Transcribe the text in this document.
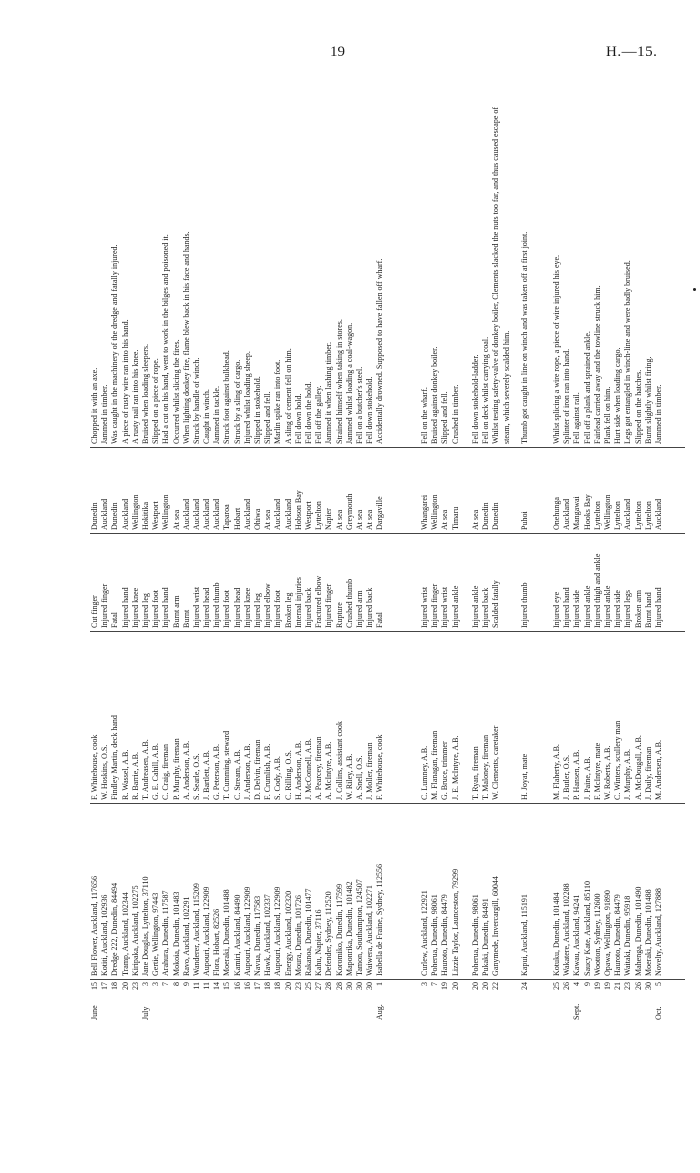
19	H.—15.
June
15
Bell Flower, Auckland, 117656
F. Whitehouse, cook
Cut finger
Dunedin
Chopped it with an axe.
17
Kotiti, Auckland, 102936
W. Hoskins, O.S.
Injured finger
Auckland
Jammed in timber.
18
Dredge 222, Dunedin, 84494
Findley Martin, deck hand
Fatal
Dunedin
Was caught in the machinery of the dredge and fatally injured.
20
Tramp, Auckland, 102344
R. Wassel, A.B.
Injured hand
Auckland
A piece of rusty wire ran into his hand.
23
Kiripaka, Auckland, 102275
R. Barrie, A.B.
Injured knee
Wellington
A rusty nail ran into his knee.
July
3
Jane Douglas, Lyttelton, 37110
T. Andreasen, A.B.
Injured leg
Hokitika
Bruised when loading sleepers.
3
Gertie, Wellington, 97443
G. E. Cahill, A.B.
Injured foot
Westport
Slipped on a piece of rope.
7
Arahura, Dunedin, 117587
C. Craig, fireman
Injured hand
Wellington
Had a cut on his hand, went to work in the bilges and poisoned it.
8
Mokoia, Dunedin, 101483
P. Murphy, fireman
Burnt arm
At sea
Occurred whilst slicing the fires.
9
Ravo, Auckland, 102291
A. Anderson, A.B.
Burnt
Auckland
When lighting donkey fire, flame blew back in his face and hands.
11
Wanderer, Auckland, 115209
S. Searle, O.S.
Injured wrist
Auckland
Struck by handle of winch.
11
Aupouri, Auckland, 122909
J. Bartlett, A.B.
Injured head
Auckland
Caught in winch.
14
Flora, Hobart, 82526
G. Peterson, A.B.
Injured thumb
Auckland
Jammed in tackle.
15
Moeraki, Dunedin, 101488
T. Cumming, steward
Injured foot
Taparoa
Struck foot against bulkhead.
16
Kamiri, Auckland, 84490
C. Stream, A.B.
Injured head
Hobart
Struck by a sling of cargo.
16
Aupouri, Auckland, 122909
J. Anderson, A.B.
Injured knee
Auckland
Injured whilst loading sheep.
17
Navua, Dunedin, 117583
D. Delvin, fireman
Injured leg
Ohiwa
Slipped in stokehold.
18
Hawk, Auckland, 102337
F. Crumlish, A.B.
Injured elbow
At sea
Slipped and fell.
18
Aupouri, Auckland, 122909
S. Cody, A.B.
Injured foot
Auckland
Marlin spike ran into foot.
20
Energy, Auckland, 102320
C. Rilling, O.S.
Broken leg
Auckland
A sling of cement fell on him.
23
Moura, Dunedin, 101726
H. Anderson, A.B.
Internal injuries
Hobson Bay
Fell down hold.
25
Rakanoa, Dunedin, 101477
J. McConnell, A.B.
Injured back
Westport
Fell down the hold.
27
Kahu, Napier, 37116
A. Pearcey, fireman
Fractured elbow
Lyttelton
Fell off the galley.
28
Defender, Sydney, 112520
A. McIntyre, A.B.
Injured finger
Napier
Jammed it when lashing timber.
28
Koromiko, Dunedin, 117599
J. Collins, assistant cook
Rupture
At sea
Strained himself when taking in stores.
30
Maponrika, Dunedin, 101482
W. Riley, A.B.
Crushed thumb
Greymouth
Jammed whilst loading a coal-wagon.
30
Tamon, Southampton, 124507
A. Snell, O.S.
Injured arm
At sea
Fell on a butcher's steel.
30
Waiwera, Auckland, 102271
J. Moller, fireman
Injured back
At sea
Fell down stokehold.
Aug.
1
Isabella de Fraine, Sydney, 112556
F. Whitehouse, cook
Fatal
Dargaville
Accidentally drowned. Supposed to have fallen off wharf.
3
Curlew, Auckland, 122921
C. Lumney, A.B.
Injured wrist
Whangarei
Fell on the wharf.
7
Poherua, Dunedin, 98061
M. Flanagan, fireman
Injured finger
Wellington
Bruised against donkey boiler.
19
Hauroto, Dunedin, 84479
G. Bruce, trimmer
Injured wrist
At sea
Slipped and fell.
20
Lizzie Taylor, Launceston, 79299
J. E. McIntyre, A.B.
Injured ankle
Timaru
Crushed in timber.
20
Poherua, Dunedin, 98061
T. Ryan, fireman
Injured ankle
At sea
Fell down stokehold-ladder.
20
Pukaki, Dunedin, 84491
T. Maloney, fireman
Injured back
Dunedin
Fell on deck whilst carrying coal.
22
Ganymede, Invercargill, 60044
W. Clements, caretaker
Scalded fatally
Dunedin
Whilst testing safety-valve of donkey boiler, Clements slacked the nuts too far, and thus caused escape of steam, which severely scalded him.
24
Kapui, Auckland, 115191
H. Joyat, mate
Injured thumb
Puhoi
Thumb got caught in line on winch and was taken off at first joint.
25
Kotuku, Dunedin, 101484
M. Flaherty, A.B.
Injured eye
Onehunga
Whilst splicing a wire rope, a piece of wire injured his eye.
26
Wakatere, Auckland, 102288
J. Butler, O.S.
Injured hand
Auckland
Splinter of iron ran into hand.
Sept.
4
Kawau, Auckland, 94241
P. Hansen, A.B.
Injured side
Mangawai
Fell against rail.
9
Saucy Kate, Auckland, 85110
J. Paine, A.B.
Injured ankle
Hooks Bay
Fell off a plank and sprained ankle.
19
Wootton, Sydney, 112600
F. McIntyre, mate
Injured thigh and ankle
Lyttelton
Fairlead carried away and the towline struck him.
19
Opawa, Wellington, 91890
W. Roberts, A.B.
Injured ankle
Wellington
Plank fell on him.
21
Hauroto, Dunedin, 84479
C. Winters, scullery man
Injured side
Lyttelton
Hurt side when loading cargo.
23
Waitaki, Dunedin, 95918
J. Murphy, A.B.
Injured legs
Auckland
Legs got entangled in winch-line and were badly bruised.
26
Mahenga, Dunedin, 101490
A. McDougall, A.B.
Broken arm
Lyttelton
Slipped on the hatches.
30
Moeraki, Dunedin, 101488
J. Daily, fireman
Burnt hand
Lyttelton
Burnt slightly whilst firing.
Oct.
5
Novelty, Auckland, 127888
M. Andersen, A.B.
Injured hand
Auckland
Jammed in timber.
